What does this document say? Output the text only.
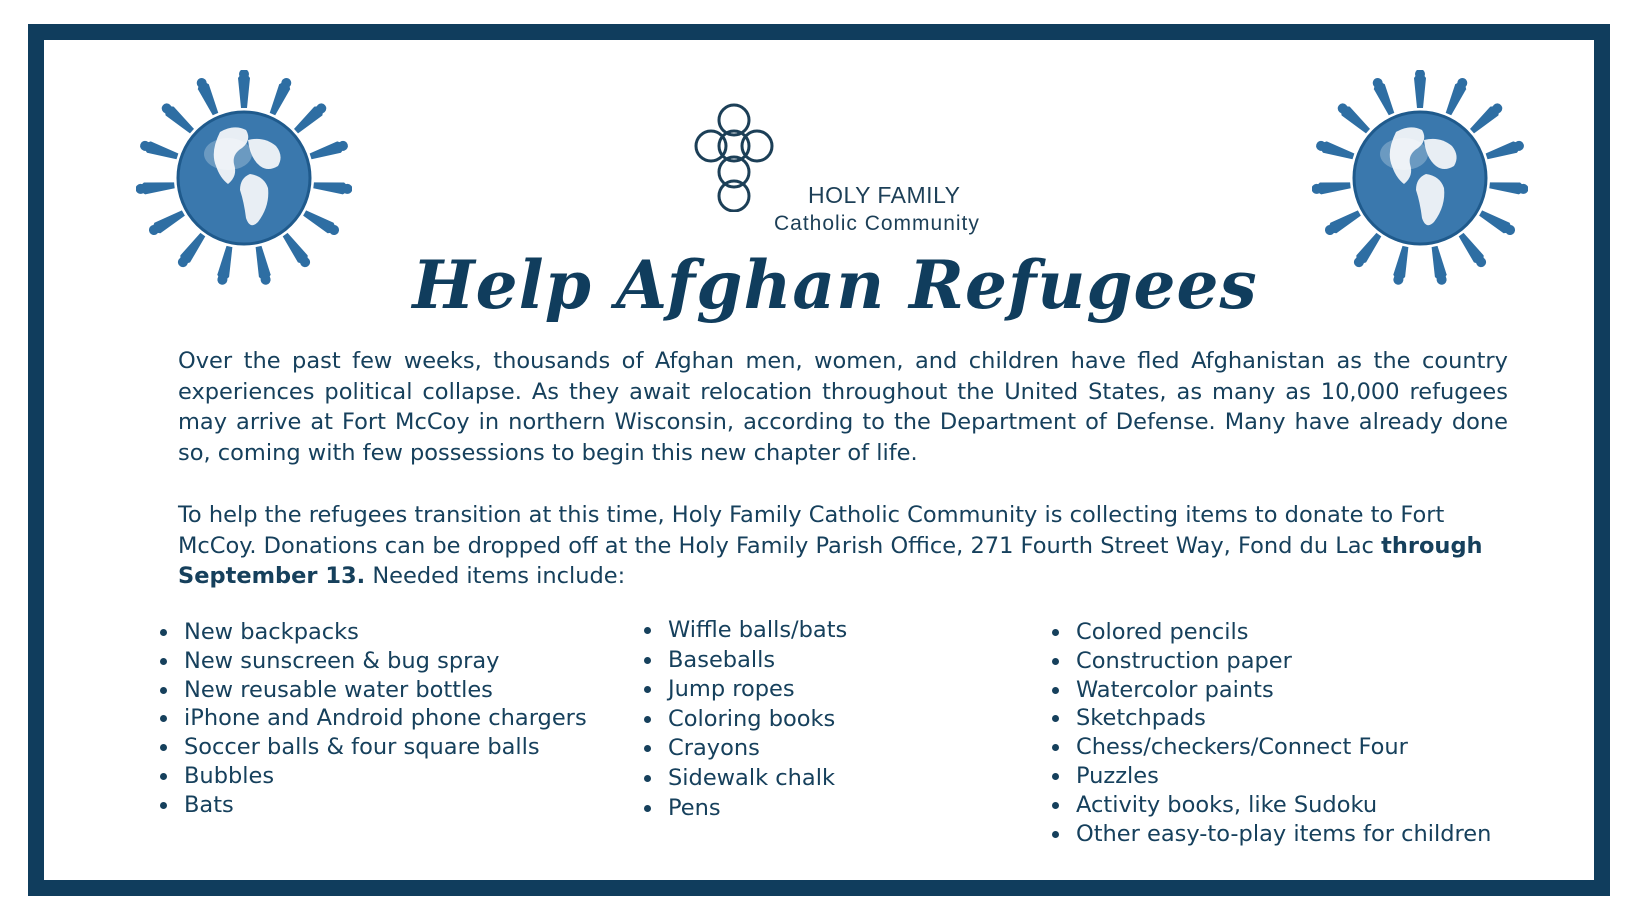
HOLY FAMILY
Catholic Community
Help Afghan Refugees

Over the past few weeks, thousands of Afghan men, women, and children have fled Afghanistan as the country experiences political collapse. As they await relocation throughout the United States, as many as 10,000 refugees may arrive at Fort McCoy in northern Wisconsin, according to the Department of Defense. Many have already done so, coming with few possessions to begin this new chapter of life.

To help the refugees transition at this time, Holy Family Catholic Community is collecting items to donate to Fort McCoy. Donations can be dropped off at the Holy Family Parish Office, 271 Fourth Street Way, Fond du Lac through September 13. Needed items include:

• New backpacks
• New sunscreen & bug spray
• New reusable water bottles
• iPhone and Android phone chargers
• Soccer balls & four square balls
• Bubbles
• Bats
• Wiffle balls/bats
• Baseballs
• Jump ropes
• Coloring books
• Crayons
• Sidewalk chalk
• Pens
• Colored pencils
• Construction paper
• Watercolor paints
• Sketchpads
• Chess/checkers/Connect Four
• Puzzles
• Activity books, like Sudoku
• Other easy-to-play items for children
